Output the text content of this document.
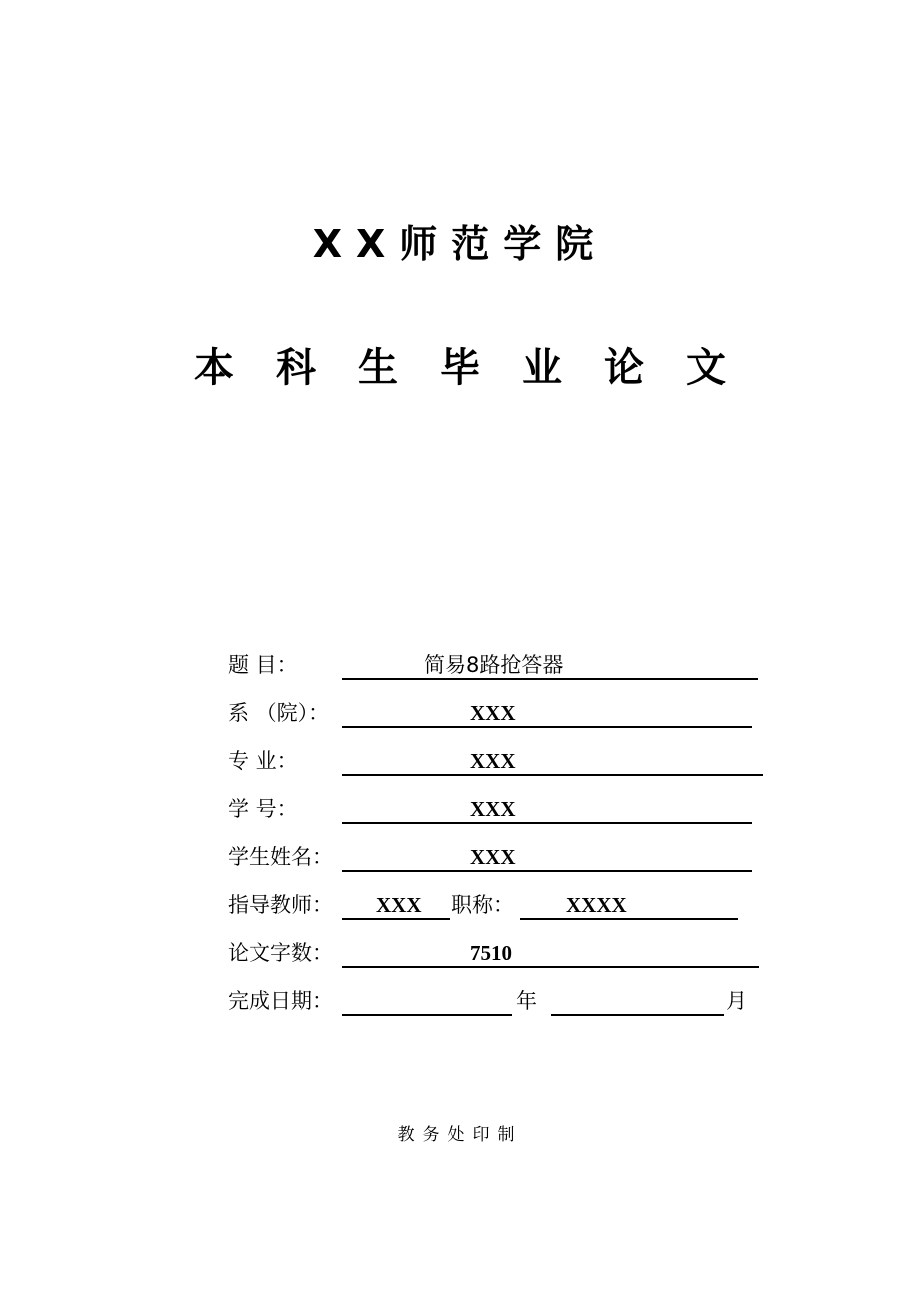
XX师范学院
本科生毕业论文
题 目：	简易8路抢答器
系 （院）：	XXX
专 业：	XXX
学 号：	XXX
学生姓名：	XXX
指导教师： XXX 职称： XXXX
论文字数：	7510
完成日期：	年	月
教务处印制
